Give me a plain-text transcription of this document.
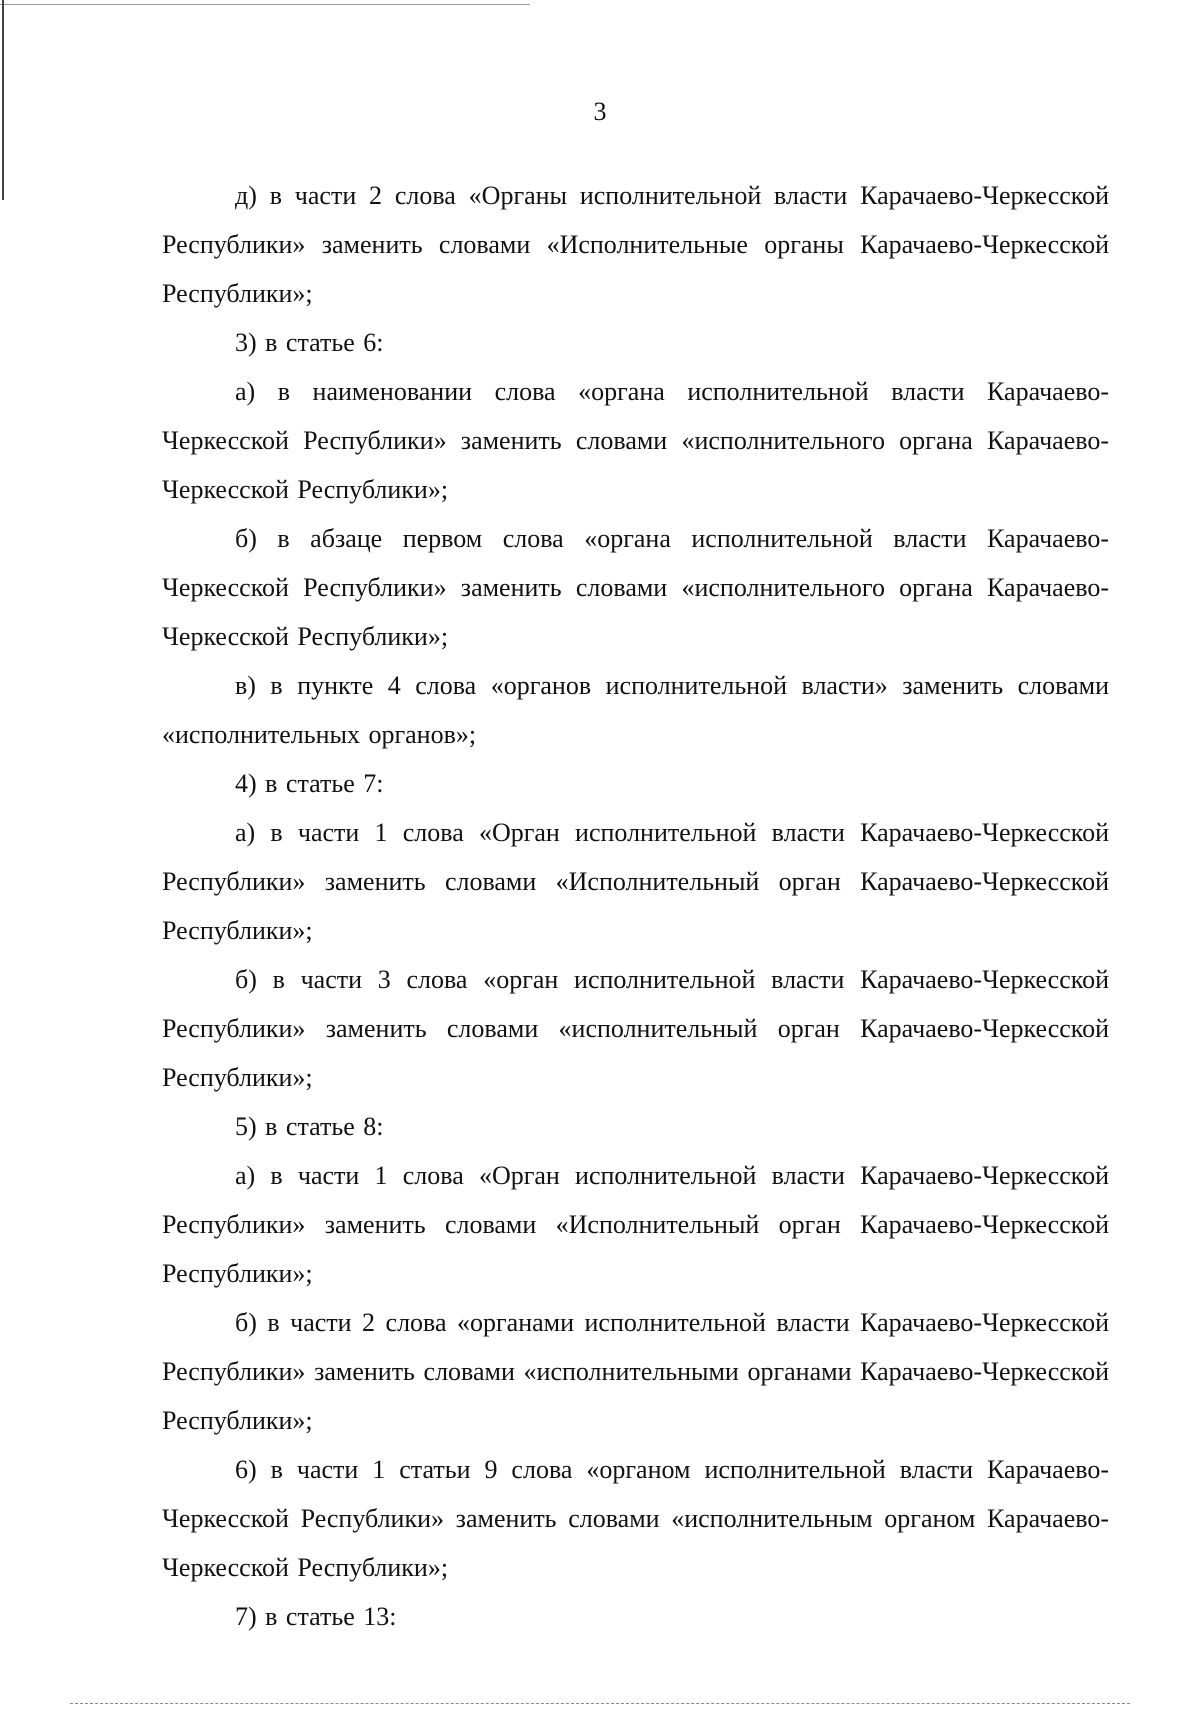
3

д) в части 2 слова «Органы исполнительной власти Карачаево-Черкесской Республики» заменить словами «Исполнительные органы Карачаево-Черкесской Республики»;

3) в статье 6:

а) в наименовании слова «органа исполнительной власти Карачаево-Черкесской Республики» заменить словами «исполнительного органа Карачаево-Черкесской Республики»;

б) в абзаце первом слова «органа исполнительной власти Карачаево-Черкесской Республики» заменить словами «исполнительного органа Карачаево-Черкесской Республики»;

в) в пункте 4 слова «органов исполнительной власти» заменить словами «исполнительных органов»;

4) в статье 7:

а) в части 1 слова «Орган исполнительной власти Карачаево-Черкесской Республики» заменить словами «Исполнительный орган Карачаево-Черкесской Республики»;

б) в части 3 слова «орган исполнительной власти Карачаево-Черкесской Республики» заменить словами «исполнительный орган Карачаево-Черкесской Республики»;

5) в статье 8:

а) в части 1 слова «Орган исполнительной власти Карачаево-Черкесской Республики» заменить словами «Исполнительный орган Карачаево-Черкесской Республики»;

б) в части 2 слова «органами исполнительной власти Карачаево-Черкесской Республики» заменить словами «исполнительными органами Карачаево-Черкесской Республики»;

6) в части 1 статьи 9 слова «органом исполнительной власти Карачаево-Черкесской Республики» заменить словами «исполнительным органом Карачаево-Черкесской Республики»;

7) в статье 13:
